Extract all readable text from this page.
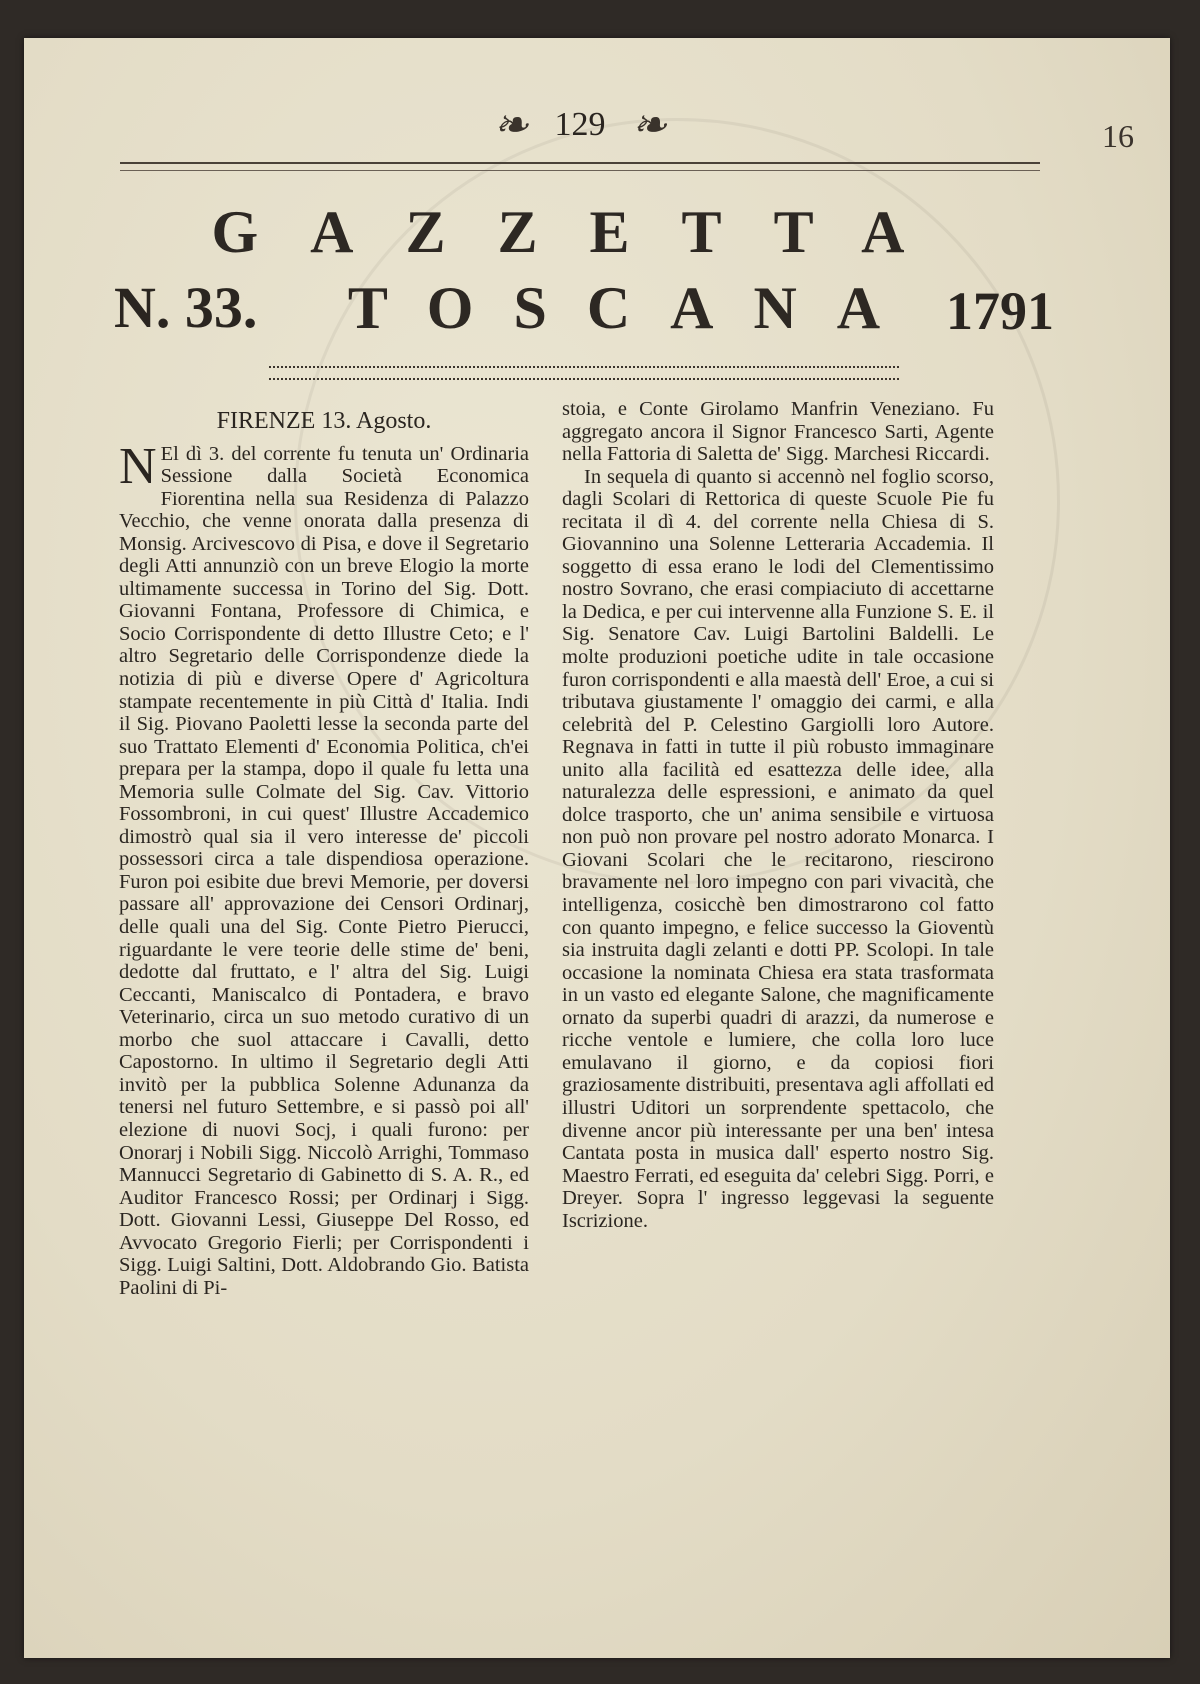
16
❧ 129 ❧
GAZZETTA
N. 33.	TOSCANA 1791
FIRENZE 13. Agosto.

N El dì 3. del corrente fu tenuta un' Ordinaria Sessione dalla Società Economica Fiorentina nella sua Residenza di Palazzo Vecchio, che venne onorata dalla presenza di Monsig. Arcivescovo di Pisa, e dove il Segretario degli Atti annunziò con un breve Elogio la morte ultimamente successa in Torino del Sig. Dott. Giovanni Fontana, Professore di Chimica, e Socio Corrispondente di detto Illustre Ceto; e l' altro Segretario delle Corrispondenze diede la notizia di più e diverse Opere d' Agricoltura stampate recentemente in più Città d' Italia. Indi il Sig. Piovano Paoletti lesse la seconda parte del suo Trattato Elementi d' Economia Politica, ch'ei prepara per la stampa, dopo il quale fu letta una Memoria sulle Colmate del Sig. Cav. Vittorio Fossombroni, in cui quest' Illustre Accademico dimostrò qual sia il vero interesse de' piccoli possessori circa a tale dispendiosa operazione. Furon poi esibite due brevi Memorie, per doversi passare all' approvazione dei Censori Ordinarj, delle quali una del Sig. Conte Pietro Pierucci, riguardante le vere teorie delle stime de' beni, dedotte dal fruttato, e l' altra del Sig. Luigi Ceccanti, Maniscalco di Pontadera, e bravo Veterinario, circa un suo metodo curativo di un morbo che suol attaccare i Cavalli, detto Capostorno. In ultimo il Segretario degli Atti invitò per la pubblica Solenne Adunanza da tenersi nel futuro Settembre, e si passò poi all' elezione di nuovi Socj, i quali furono: per Onorarj i Nobili Sigg. Niccolò Arrighi, Tommaso Mannucci Segretario di Gabinetto di S. A. R., ed Auditor Francesco Rossi; per Ordinarj i Sigg. Dott. Giovanni Lessi, Giuseppe Del Rosso, ed Avvocato Gregorio Fierli; per Corrispondenti i Sigg. Luigi Saltini, Dott. Aldobrando Gio. Batista Paolini di Pi-

stoia, e Conte Girolamo Manfrin Veneziano. Fu aggregato ancora il Signor Francesco Sarti, Agente nella Fattoria di Saletta de' Sigg. Marchesi Riccardi.

In sequela di quanto si accennò nel foglio scorso, dagli Scolari di Rettorica di queste Scuole Pie fu recitata il dì 4. del corrente nella Chiesa di S. Giovannino una Solenne Letteraria Accademia. Il soggetto di essa erano le lodi del Clementissimo nostro Sovrano, che erasi compiaciuto di accettarne la Dedica, e per cui intervenne alla Funzione S. E. il Sig. Senatore Cav. Luigi Bartolini Baldelli. Le molte produzioni poetiche udite in tale occasione furon corrispondenti e alla maestà dell' Eroe, a cui si tributava giustamente l' omaggio dei carmi, e alla celebrità del P. Celestino Gargiolli loro Autore. Regnava in fatti in tutte il più robusto immaginare unito alla facilità ed esattezza delle idee, alla naturalezza delle espressioni, e animato da quel dolce trasporto, che un' anima sensibile e virtuosa non può non provare pel nostro adorato Monarca. I Giovani Scolari che le recitarono, riescirono bravamente nel loro impegno con pari vivacità, che intelligenza, cosicchè ben dimostrarono col fatto con quanto impegno, e felice successo la Gioventù sia instruita dagli zelanti e dotti PP. Scolopi. In tale occasione la nominata Chiesa era stata trasformata in un vasto ed elegante Salone, che magnificamente ornato da superbi quadri di arazzi, da numerose e ricche ventole e lumiere, che colla loro luce emulavano il giorno, e da copiosi fiori graziosamente distribuiti, presentava agli affollati ed illustri Uditori un sorprendente spettacolo, che divenne ancor più interessante per una ben' intesa Cantata posta in musica dall' esperto nostro Sig. Maestro Ferrati, ed eseguita da' celebri Sigg. Porri, e Dreyer. Sopra l' ingresso leggevasi la seguente Iscrizione.
